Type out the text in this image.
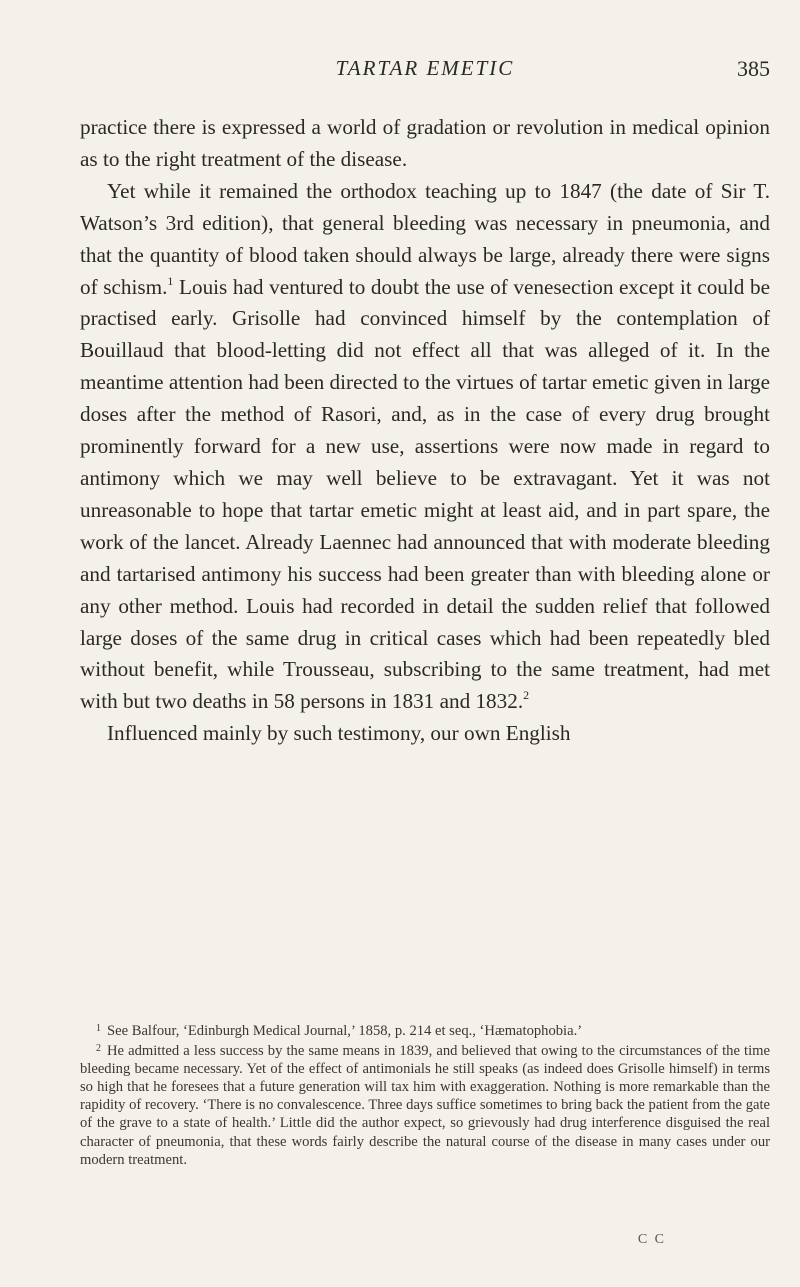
TARTAR EMETIC	385

practice there is expressed a world of gradation or revolution in medical opinion as to the right treatment of the disease.

Yet while it remained the orthodox teaching up to 1847 (the date of Sir T. Watson’s 3rd edition), that general bleeding was necessary in pneumonia, and that the quantity of blood taken should always be large, already there were signs of schism.$^1$ Louis had ventured to doubt the use of venesection except it could be practised early. Grisolle had convinced himself by the contemplation of Bouillaud that blood-letting did not effect all that was alleged of it. In the meantime attention had been directed to the virtues of tartar emetic given in large doses after the method of Rasori, and, as in the case of every drug brought prominently forward for a new use, assertions were now made in regard to antimony which we may well believe to be extravagant. Yet it was not unreasonable to hope that tartar emetic might at least aid, and in part spare, the work of the lancet. Already Laennec had announced that with moderate bleeding and tartarised antimony his success had been greater than with bleeding alone or any other method. Louis had recorded in detail the sudden relief that followed large doses of the same drug in critical cases which had been repeatedly bled without benefit, while Trousseau, subscribing to the same treatment, had met with but two deaths in 58 persons in 1831 and 1832.$^2$

Influenced mainly by such testimony, our own English

$^1$ See Balfour, ‘Edinburgh Medical Journal,’ 1858, p. 214 et seq., ‘Hæmatophobia.’

$^2$ He admitted a less success by the same means in 1839, and believed that owing to the circumstances of the time bleeding became necessary. Yet of the effect of antimonials he still speaks (as indeed does Grisolle himself) in terms so high that he foresees that a future generation will tax him with exaggeration. Nothing is more remarkable than the rapidity of recovery. ‘There is no convalescence. Three days suffice sometimes to bring back the patient from the gate of the grave to a state of health.’ Little did the author expect, so grievously had drug interference disguised the real character of pneumonia, that these words fairly describe the natural course of the disease in many cases under our modern treatment.

C C
